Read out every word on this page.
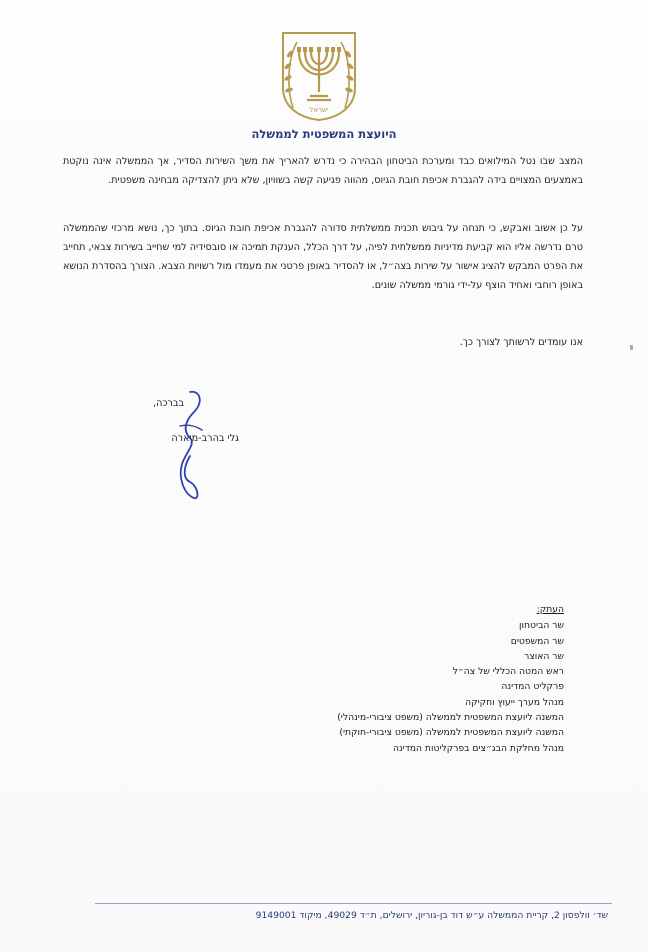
ישראל
היועצת המשפטית לממשלה
המצב שבו נטל המילואים כבד ומערכת הביטחון הבהירה כי נדרש להאריך את משך השירות הסדיר, אך הממשלה אינה נוקטת באמצעים המצויים בידה להגברת אכיפת חובת הגיוס, מהווה פגיעה קשה בשוויון, שלא ניתן להצדיקה מבחינה משפטית.
על כן אשוב ואבקש, כי תנחה על גיבוש תכנית ממשלתית סדורה להגברת אכיפת חובת הגיוס. בתוך כך, נושא מרכזי שהממשלה טרם נדרשה אליו הוא קביעת מדיניות ממשלתית לפיה, על דרך הכלל, הענקת תמיכה או סובסידיה למי שחייב בשירות צבאי, תחייב את הפרט המבקש להציג אישור על שירות בצה״ל, או להסדיר באופן פרטני את מעמדו מול רשויות הצבא. הצורך בהסדרת הנושא באופן רוחבי ואחיד הוצף על-ידי גורמי ממשלה שונים.
אנו עומדים לרשותך לצורך כך.
בברכה,
גלי בהרב-מיארה
העתק:
שר הביטחון
שר המשפטים
שר האוצר
ראש המטה הכללי של צה״ל
פרקליט המדינה
מנהל מערך ייעוץ וחקיקה
המשנה ליועצת המשפטית לממשלה (משפט ציבורי-מינהלי)
המשנה ליועצת המשפטית לממשלה (משפט ציבורי-חוקתי)
מנהל מחלקת הבג״צים בפרקליטות המדינה
שד׳ וולפסון 2, קריית הממשלה ע״ש דוד בן-גוריון, ירושלים, ת״ד 49029, מיקוד 9149001
